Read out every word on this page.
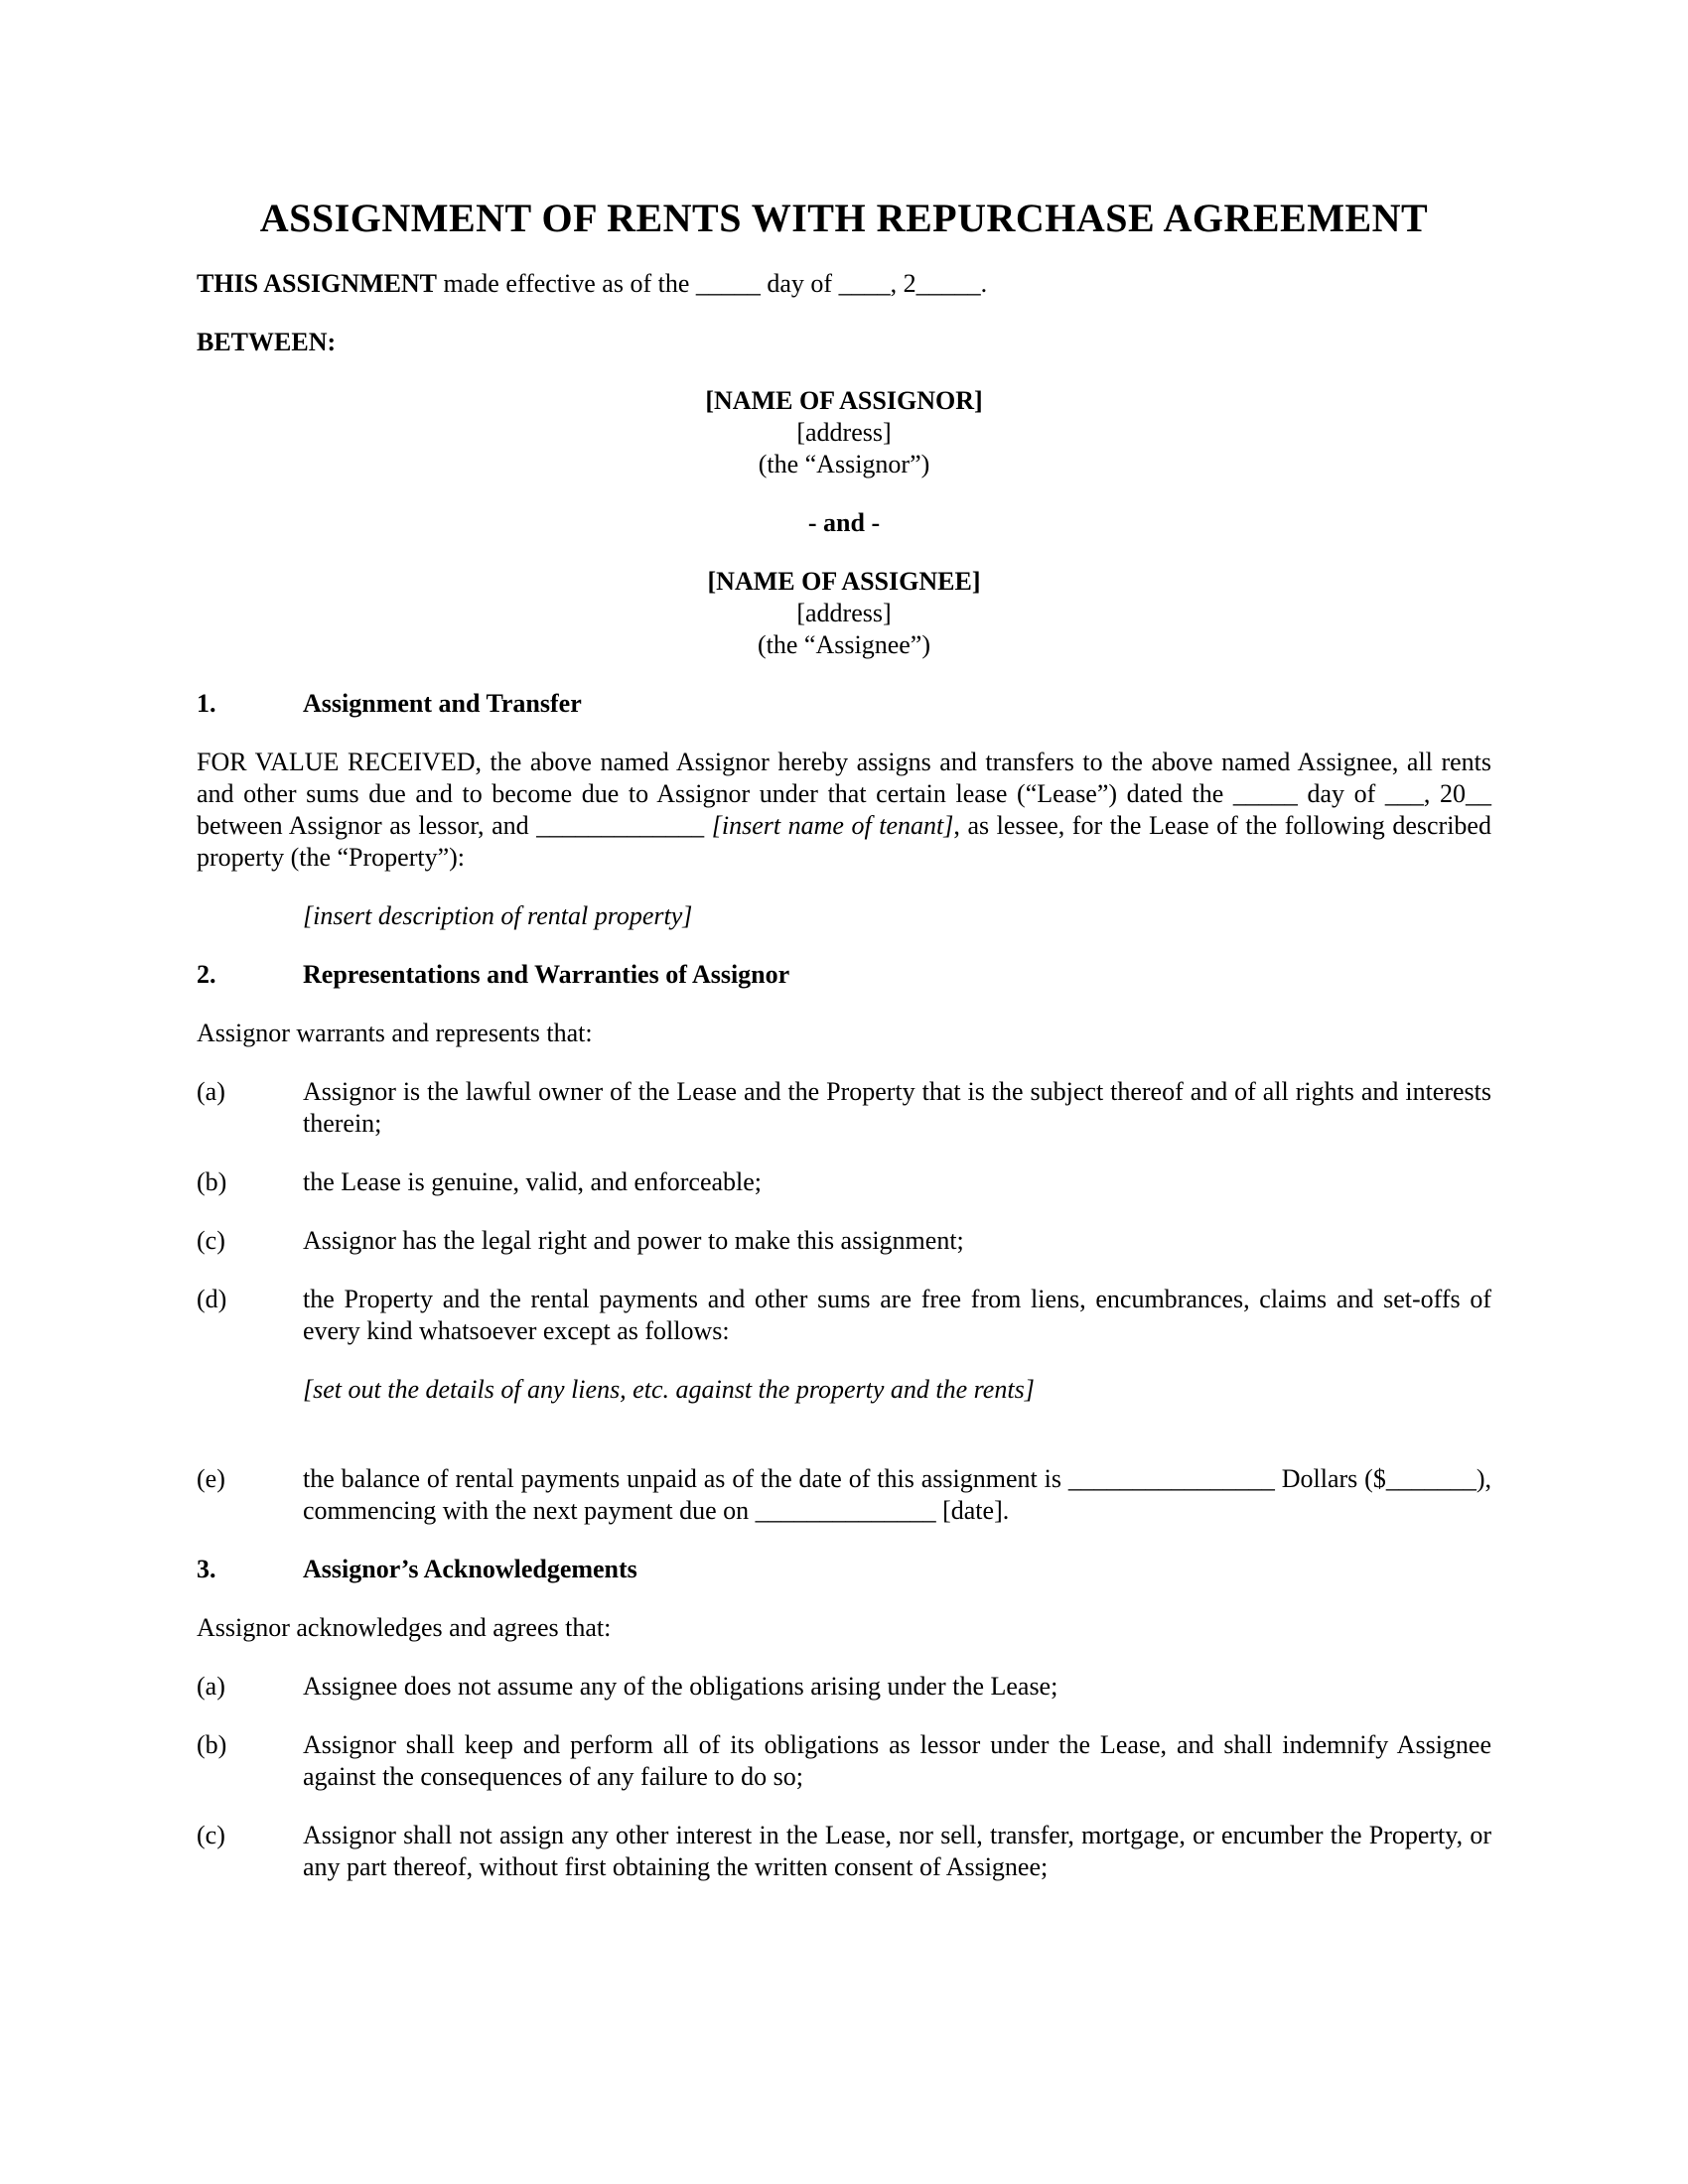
ASSIGNMENT OF RENTS WITH REPURCHASE AGREEMENT

THIS ASSIGNMENT made effective as of the _____ day of ____, 2_____.

BETWEEN:

[NAME OF ASSIGNOR]
[address]
(the “Assignor”)
- and -
[NAME OF ASSIGNEE]
[address]
(the “Assignee”)
1.	Assignment and Transfer

FOR VALUE RECEIVED, the above named Assignor hereby assigns and transfers to the above named Assignee, all rents and other sums due and to become due to Assignor under that certain lease (“Lease”) dated the _____ day of ___, 20__ between Assignor as lessor, and _____________ [insert name of tenant], as lessee, for the Lease of the following described property (the “Property”):

[insert description of rental property]

2.	Representations and Warranties of Assignor

Assignor warrants and represents that:

(a)	Assignor is the lawful owner of the Lease and the Property that is the subject thereof and of all rights and interests therein;
(b)	the Lease is genuine, valid, and enforceable;
(c)	Assignor has the legal right and power to make this assignment;
(d)	the Property and the rental payments and other sums are free from liens, encumbrances, claims and set-offs of every kind whatsoever except as follows:

[set out the details of any liens, etc. against the property and the rents]

(e)	the balance of rental payments unpaid as of the date of this assignment is ________________ Dollars ($_______), commencing with the next payment due on ______________ [date].
3.	Assignor’s Acknowledgements

Assignor acknowledges and agrees that:

(a)	Assignee does not assume any of the obligations arising under the Lease;
(b)	Assignor shall keep and perform all of its obligations as lessor under the Lease, and shall indemnify Assignee against the consequences of any failure to do so;
(c)	Assignor shall not assign any other interest in the Lease, nor sell, transfer, mortgage, or encumber the Property, or any part thereof, without first obtaining the written consent of Assignee;
